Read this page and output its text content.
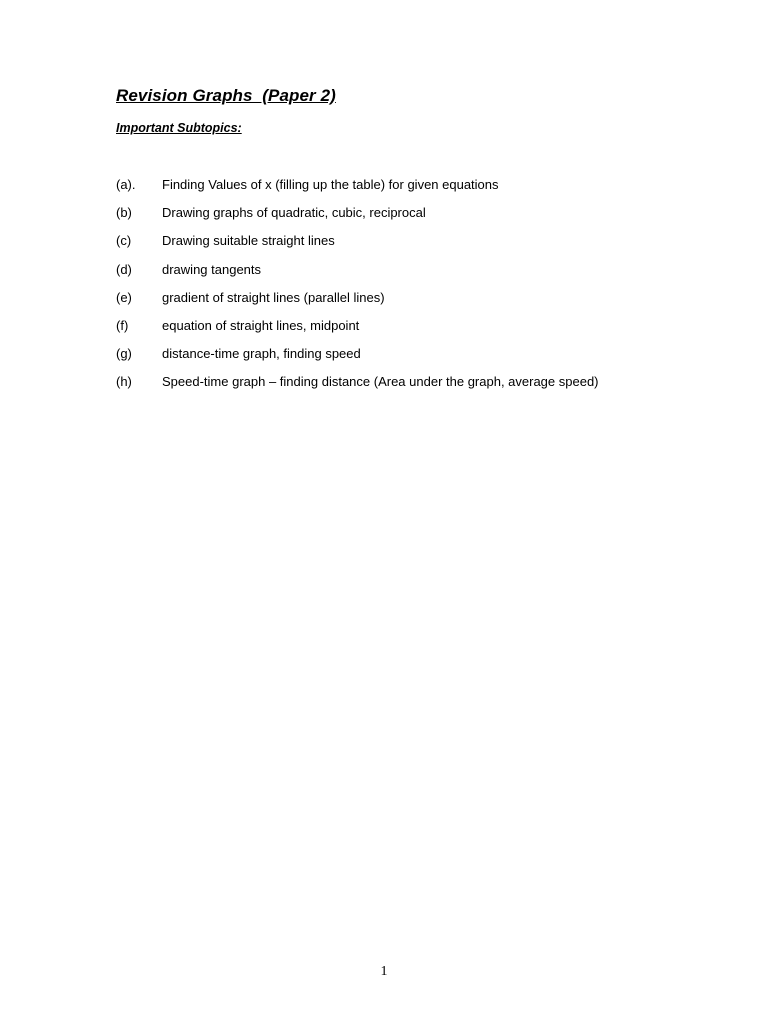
Revision Graphs  (Paper 2)
Important Subtopics:
(a). Finding Values of x (filling up the table) for given equations
(b) Drawing graphs of quadratic, cubic, reciprocal
(c) Drawing suitable straight lines
(d) drawing tangents
(e) gradient of straight lines (parallel lines)
(f)	equation of straight lines, midpoint
(g) distance-time graph, finding speed
(h) Speed-time graph – finding distance (Area under the graph, average speed)
1
